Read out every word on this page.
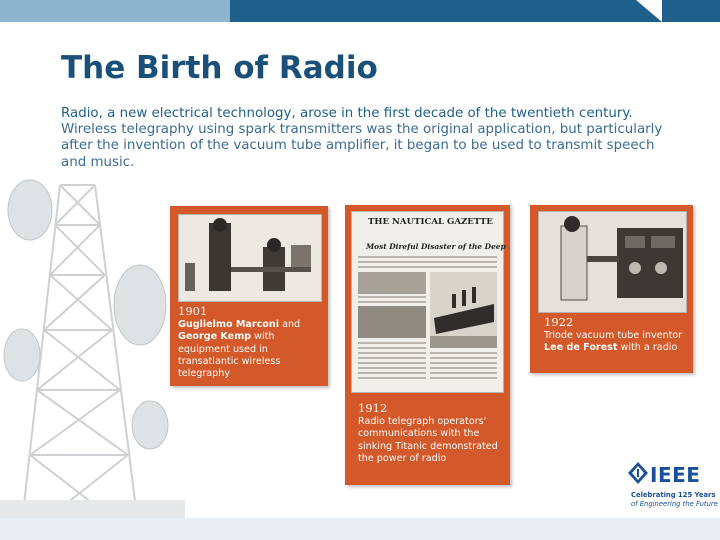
The Birth of Radio
Radio, a new electrical technology, arose in the first decade of the twentieth century. Wireless telegraphy using spark transmitters was the original application, but particularly after the invention of the vacuum tube amplifier, it began to be used to transmit speech and music.
1901
Guglielmo Marconi and George Kemp with equipment used in transatlantic wireless telegraphy
THE NAUTICAL GAZETTE
Most Direful Disaster of the Deep
1912
Radio telegraph operators' communications with the sinking Titanic demonstrated the power of radio
1922
Triode vacuum tube inventor Lee de Forest with a radio
IEEE
Celebrating 125 Years
of Engineering the Future
